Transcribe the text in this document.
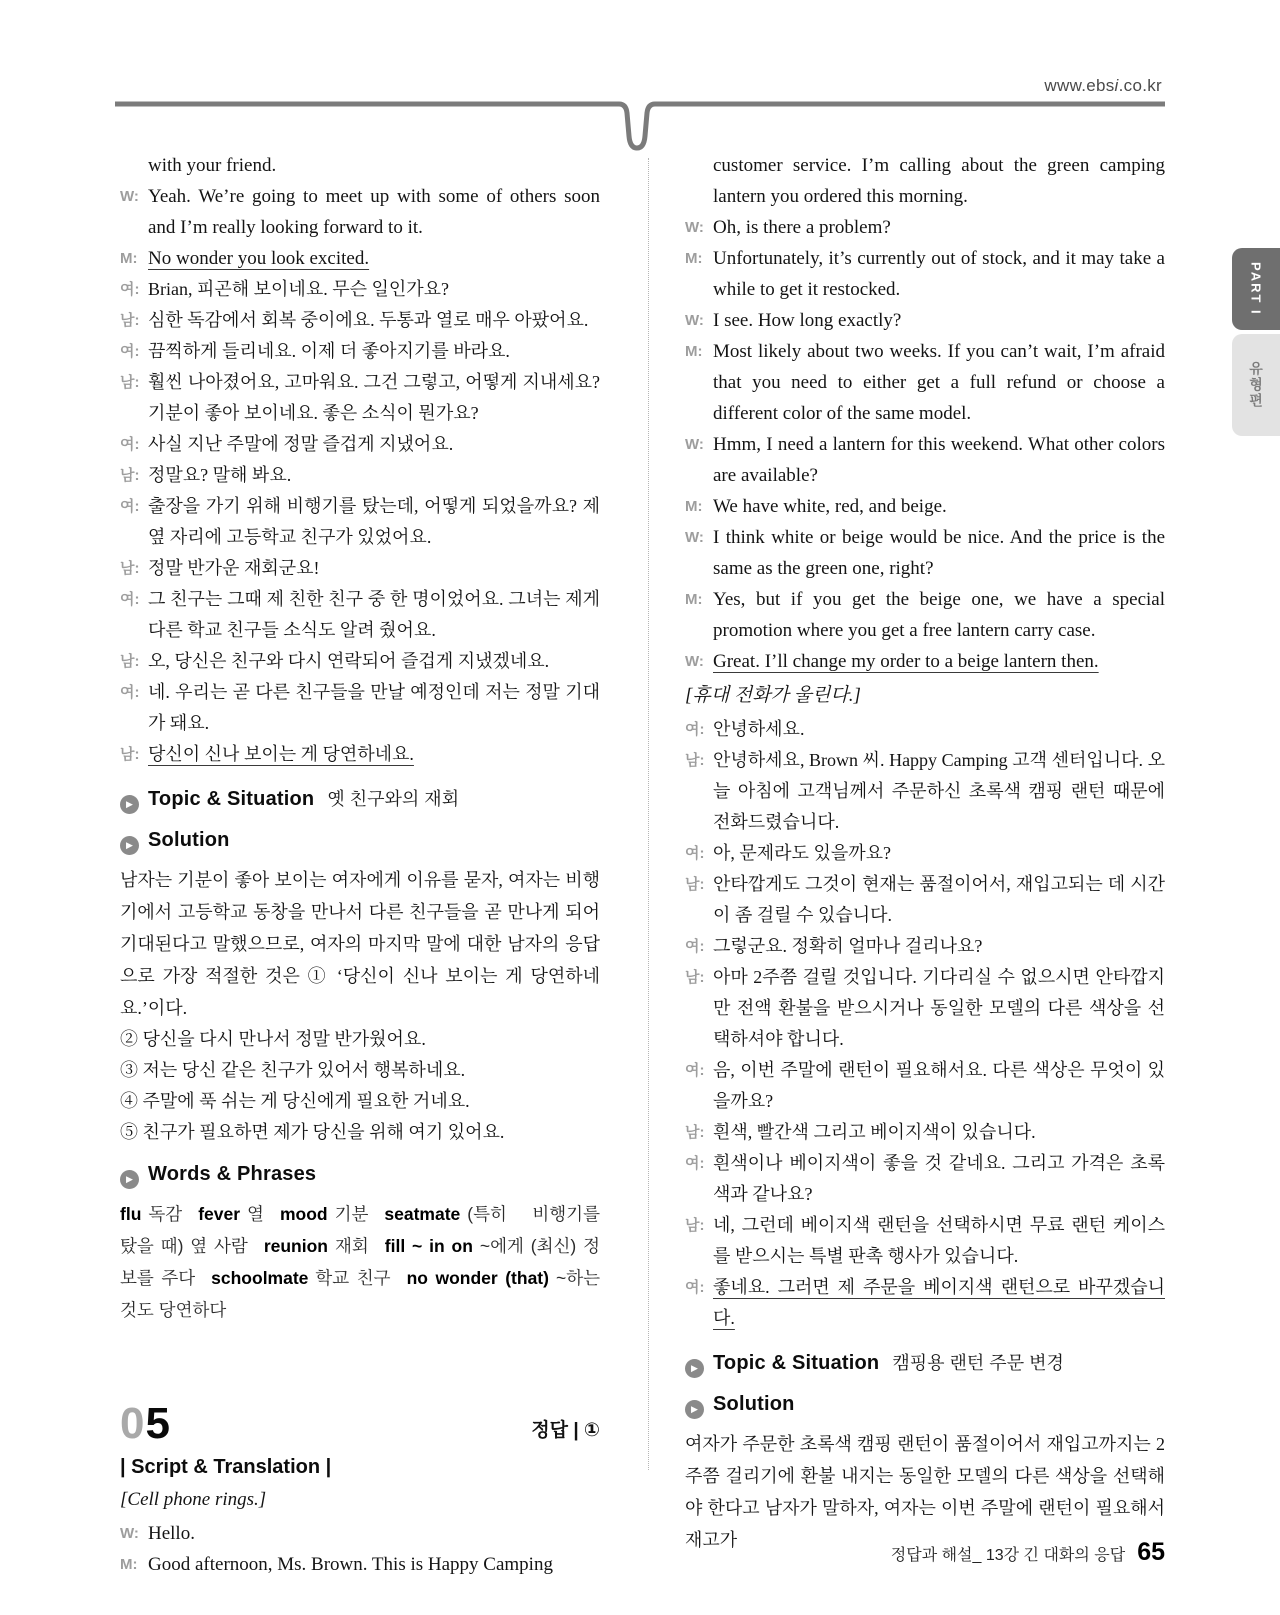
www.ebsi.co.kr
PART I
유형편
with your friend.
W: Yeah. We’re going to meet up with some of others soon and I’m really looking forward to it.
M: No wonder you look excited.
여: Brian, 피곤해 보이네요. 무슨 일인가요?
남: 심한 독감에서 회복 중이에요. 두통과 열로 매우 아팠어요.
여: 끔찍하게 들리네요. 이제 더 좋아지기를 바라요.
남: 훨씬 나아졌어요, 고마워요. 그건 그렇고, 어떻게 지내세요? 기분이 좋아 보이네요. 좋은 소식이 뭔가요?
여: 사실 지난 주말에 정말 즐겁게 지냈어요.
남: 정말요? 말해 봐요.
여: 출장을 가기 위해 비행기를 탔는데, 어떻게 되었을까요? 제 옆 자리에 고등학교 친구가 있었어요.
남: 정말 반가운 재회군요!
여: 그 친구는 그때 제 친한 친구 중 한 명이었어요. 그녀는 제게 다른 학교 친구들 소식도 알려 줬어요.
남: 오, 당신은 친구와 다시 연락되어 즐겁게 지냈겠네요.
여: 네. 우리는 곧 다른 친구들을 만날 예정인데 저는 정말 기대가 돼요.
남: 당신이 신나 보이는 게 당연하네요.
▶ Topic & Situation 옛 친구와의 재회
▶ Solution
남자는 기분이 좋아 보이는 여자에게 이유를 묻자, 여자는 비행기에서 고등학교 동창을 만나서 다른 친구들을 곧 만나게 되어 기대된다고 말했으므로, 여자의 마지막 말에 대한 남자의 응답으로 가장 적절한 것은 ① ‘당신이 신나 보이는 게 당연하네요.’이다.
② 당신을 다시 만나서 정말 반가웠어요.
③ 저는 당신 같은 친구가 있어서 행복하네요.
④ 주말에 푹 쉬는 게 당신에게 필요한 거네요.
⑤ 친구가 필요하면 제가 당신을 위해 여기 있어요.
▶ Words & Phrases
flu 독감 fever 열 mood 기분 seatmate (특히 비행기를 탔을 때) 옆 사람 reunion 재회 fill ~ in on ~에게 (최신) 정보를 주다 schoolmate 학교 친구 no wonder (that) ~하는 것도 당연하다
05	정답 | ①
| Script & Translation |
[Cell phone rings.]
W: Hello.
M: Good afternoon, Ms. Brown. This is Happy Camping
customer service. I’m calling about the green camping lantern you ordered this morning.
W: Oh, is there a problem?
M: Unfortunately, it’s currently out of stock, and it may take a while to get it restocked.
W: I see. How long exactly?
M: Most likely about two weeks. If you can’t wait, I’m afraid that you need to either get a full refund or choose a different color of the same model.
W: Hmm, I need a lantern for this weekend. What other colors are available?
M: We have white, red, and beige.
W: I think white or beige would be nice. And the price is the same as the green one, right?
M: Yes, but if you get the beige one, we have a special promotion where you get a free lantern carry case.
W: Great. I’ll change my order to a beige lantern then.
[휴대 전화가 울린다.]
여: 안녕하세요.
남: 안녕하세요, Brown 씨. Happy Camping 고객 센터입니다. 오늘 아침에 고객님께서 주문하신 초록색 캠핑 랜턴 때문에 전화드렸습니다.
여: 아, 문제라도 있을까요?
남: 안타깝게도 그것이 현재는 품절이어서, 재입고되는 데 시간이 좀 걸릴 수 있습니다.
여: 그렇군요. 정확히 얼마나 걸리나요?
남: 아마 2주쯤 걸릴 것입니다. 기다리실 수 없으시면 안타깝지만 전액 환불을 받으시거나 동일한 모델의 다른 색상을 선택하셔야 합니다.
여: 음, 이번 주말에 랜턴이 필요해서요. 다른 색상은 무엇이 있을까요?
남: 흰색, 빨간색 그리고 베이지색이 있습니다.
여: 흰색이나 베이지색이 좋을 것 같네요. 그리고 가격은 초록색과 같나요?
남: 네, 그런데 베이지색 랜턴을 선택하시면 무료 랜턴 케이스를 받으시는 특별 판촉 행사가 있습니다.
여: 좋네요. 그러면 제 주문을 베이지색 랜턴으로 바꾸겠습니다.
▶ Topic & Situation 캠핑용 랜턴 주문 변경
▶ Solution
여자가 주문한 초록색 캠핑 랜턴이 품절이어서 재입고까지는 2주쯤 걸리기에 환불 내지는 동일한 모델의 다른 색상을 선택해야 한다고 남자가 말하자, 여자는 이번 주말에 랜턴이 필요해서 재고가
정답과 해설_ 13강 긴 대화의 응답 65
